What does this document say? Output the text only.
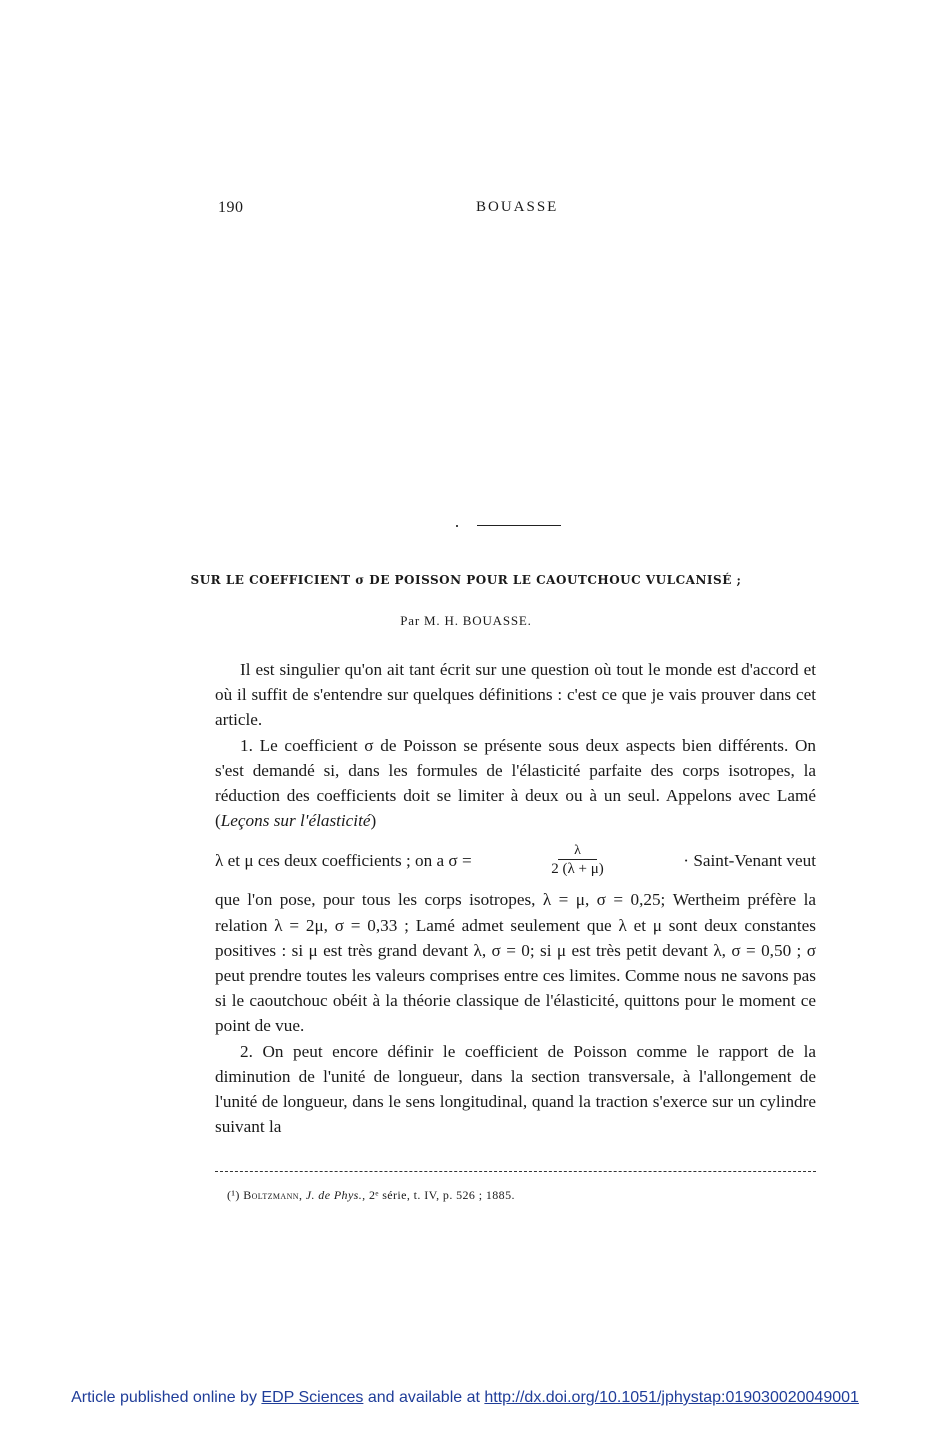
190	BOUASSE
SUR LE COEFFICIENT σ DE POISSON POUR LE CAOUTCHOUC VULCANISÉ ;
Par M. H. BOUASSE.

Il est singulier qu'on ait tant écrit sur une question où tout le monde est d'accord et où il suffit de s'entendre sur quelques définitions : c'est ce que je vais prouver dans cet article.

1. Le coefficient σ de Poisson se présente sous deux aspects bien différents. On s'est demandé si, dans les formules de l'élasticité parfaite des corps isotropes, la réduction des coefficients doit se limiter à deux ou à un seul. Appelons avec Lamé (Leçons sur l'élasticité)

λ et μ ces deux coefficients ; on a σ =	$\frac{\lambda}{2 (\lambda + \mu)}$	· Saint-Venant veut

que l'on pose, pour tous les corps isotropes, λ = μ, σ = 0,25; Wertheim préfère la relation λ = 2μ, σ = 0,33 ; Lamé admet seulement que λ et μ sont deux constantes positives : si μ est très grand devant λ, σ = 0; si μ est très petit devant λ, σ = 0,50 ; σ peut prendre toutes les valeurs comprises entre ces limites. Comme nous ne savons pas si le caoutchouc obéit à la théorie classique de l'élasticité, quittons pour le moment ce point de vue.

2. On peut encore définir le coefficient de Poisson comme le rapport de la diminution de l'unité de longueur, dans la section transversale, à l'allongement de l'unité de longueur, dans le sens longitudinal, quand la traction s'exerce sur un cylindre suivant la

(¹) Boltzmann, J. de Phys., 2ᵉ série, t. IV, p. 526 ; 1885.
Article published online by EDP Sciences and available at http://dx.doi.org/10.1051/jphystap:019030020049001
